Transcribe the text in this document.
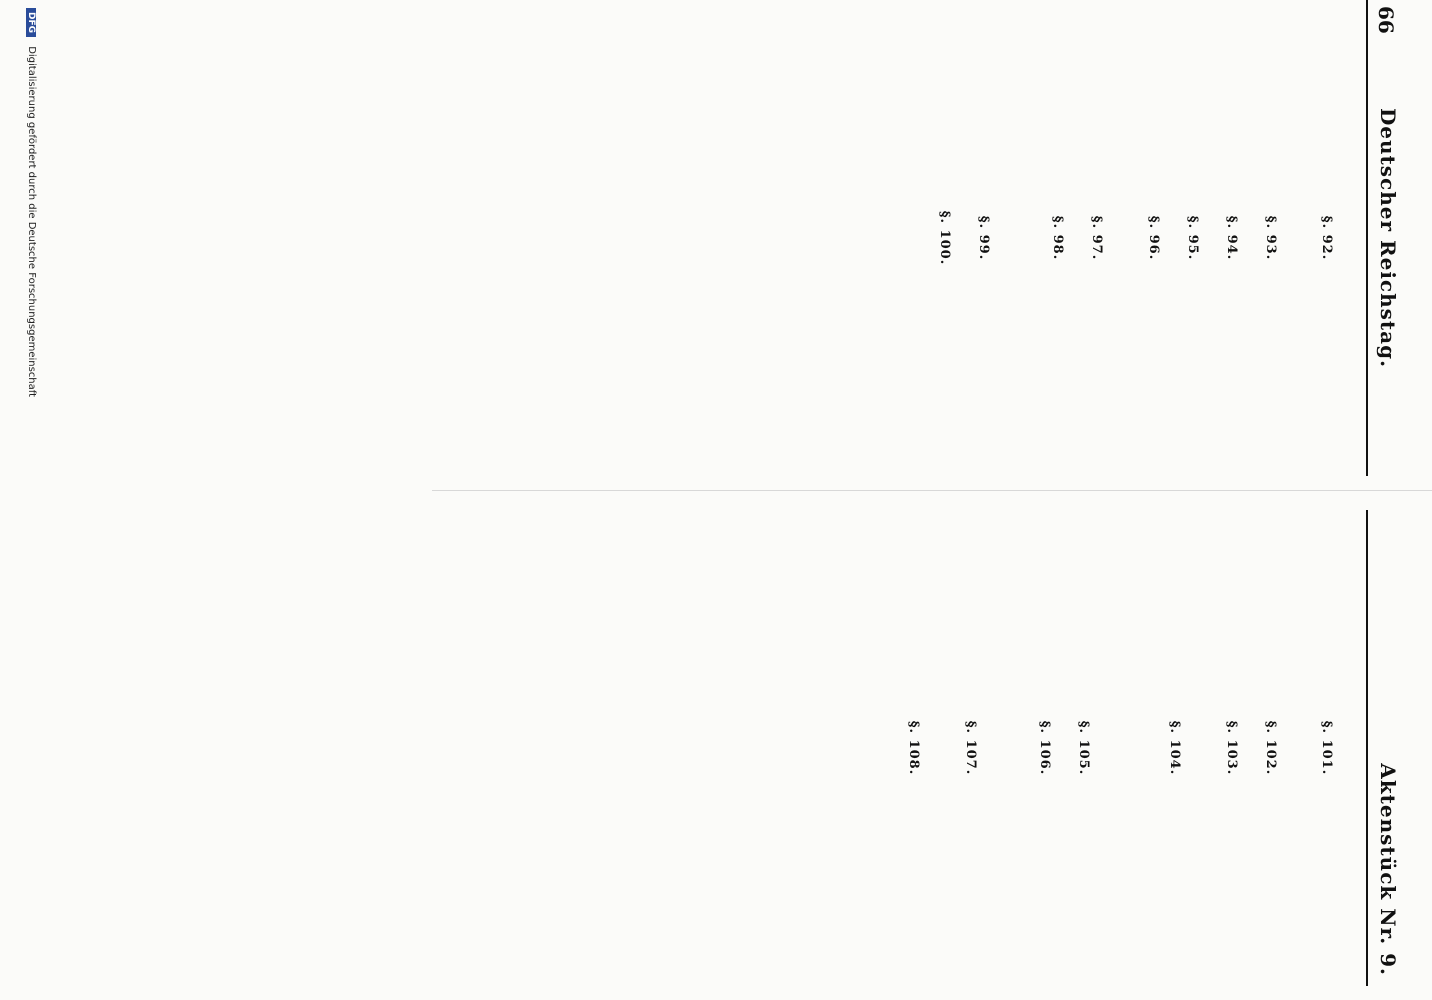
66
Deutscher Reichstag.

§. 92.

§. 93.

§. 94.

§. 95.

§. 96.

§. 97.

§. 98.

§. 99.

§. 100.

Aktenstück Nr. 9.

§. 101.

§. 102.

§. 103.

§. 104.

§. 105.

§. 106.

§. 107.

§. 108.

DFG Digitalisierung gefördert durch die Deutsche Forschungsgemeinschaft
